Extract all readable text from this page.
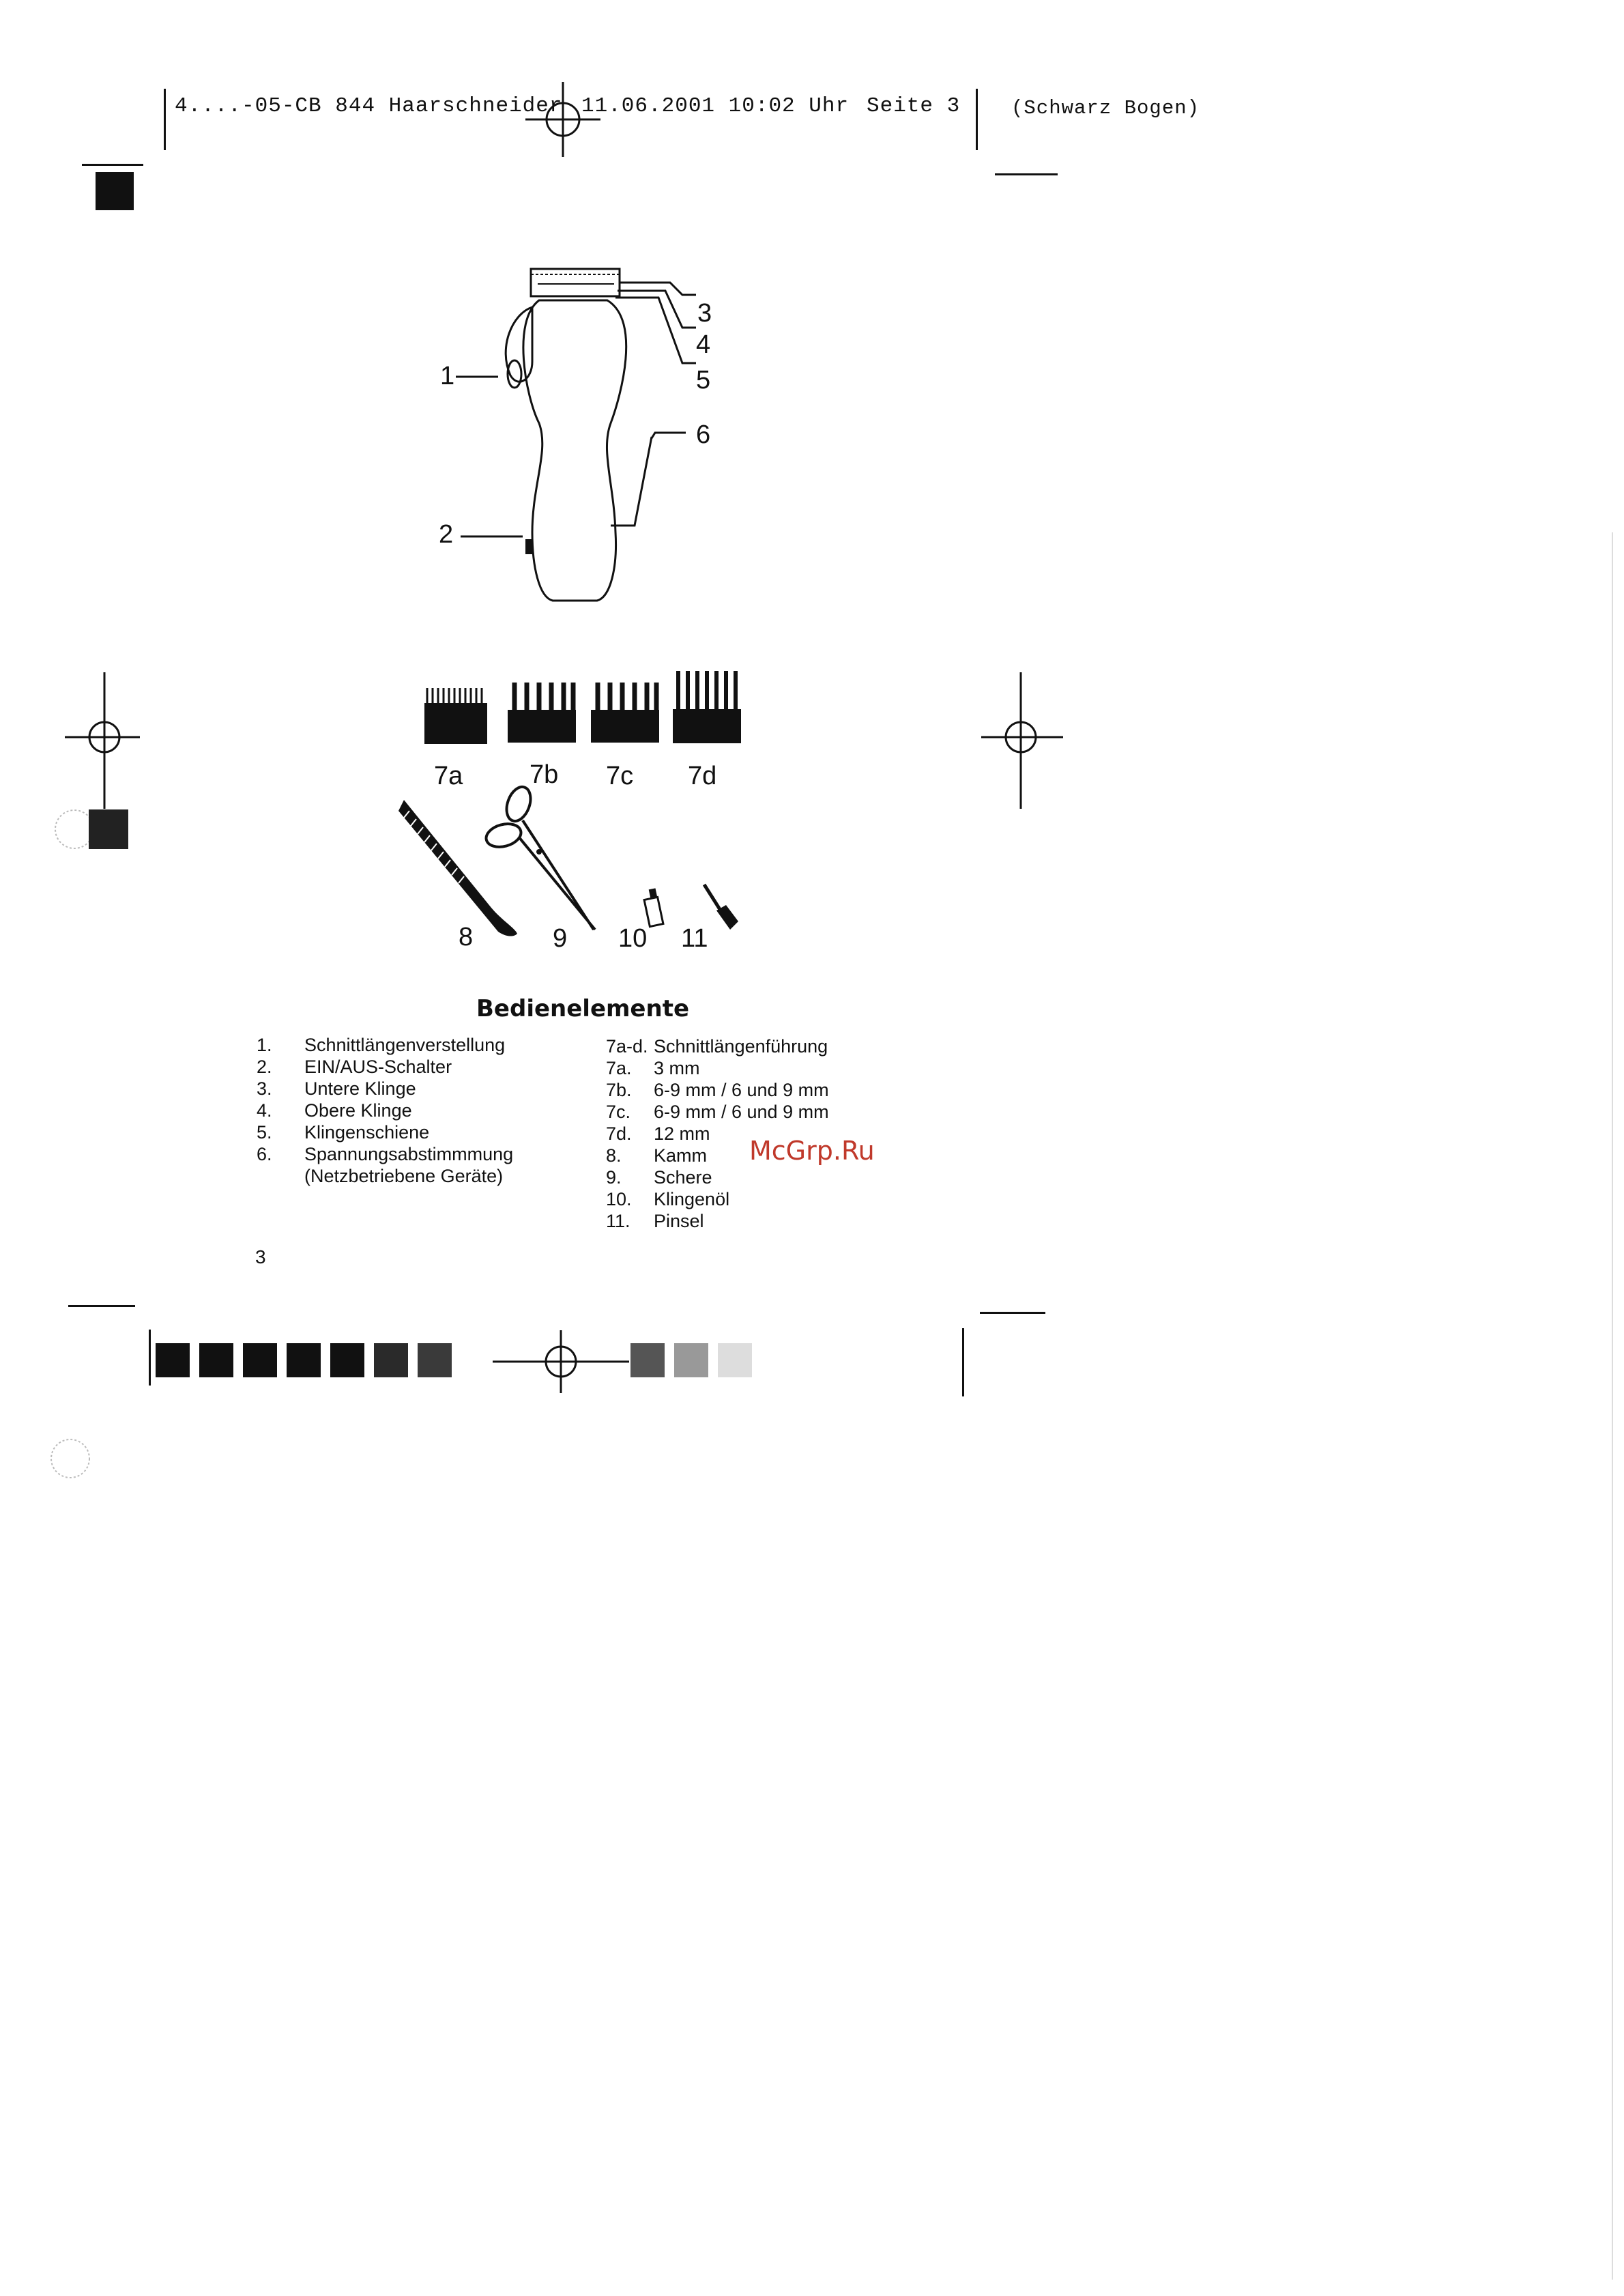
4....-05-CB 844 Haarschneider 11.06.2001 10:02 Uhr Seite 3	(Schwarz Bogen)
1
2
3
4
5
6
7a	7b 7c 7d
8	9 10 11
Bedienelemente
1.	Schnittlängenverstellung
2.	EIN/AUS-Schalter
3.	Untere Klinge
4.	Obere Klinge
5.	Klingenschiene
6.	Spannungsabstimmmung
(Netzbetriebene Geräte)
7a-d. Schnittlängenführung
7a.	3 mm
7b.	6-9 mm / 6 und 9 mm
7c.	6-9 mm / 6 und 9 mm
7d.	12 mm
8.	Kamm
9.	Schere
10.	Klingenöl
11.	Pinsel
McGrp.Ru
3
